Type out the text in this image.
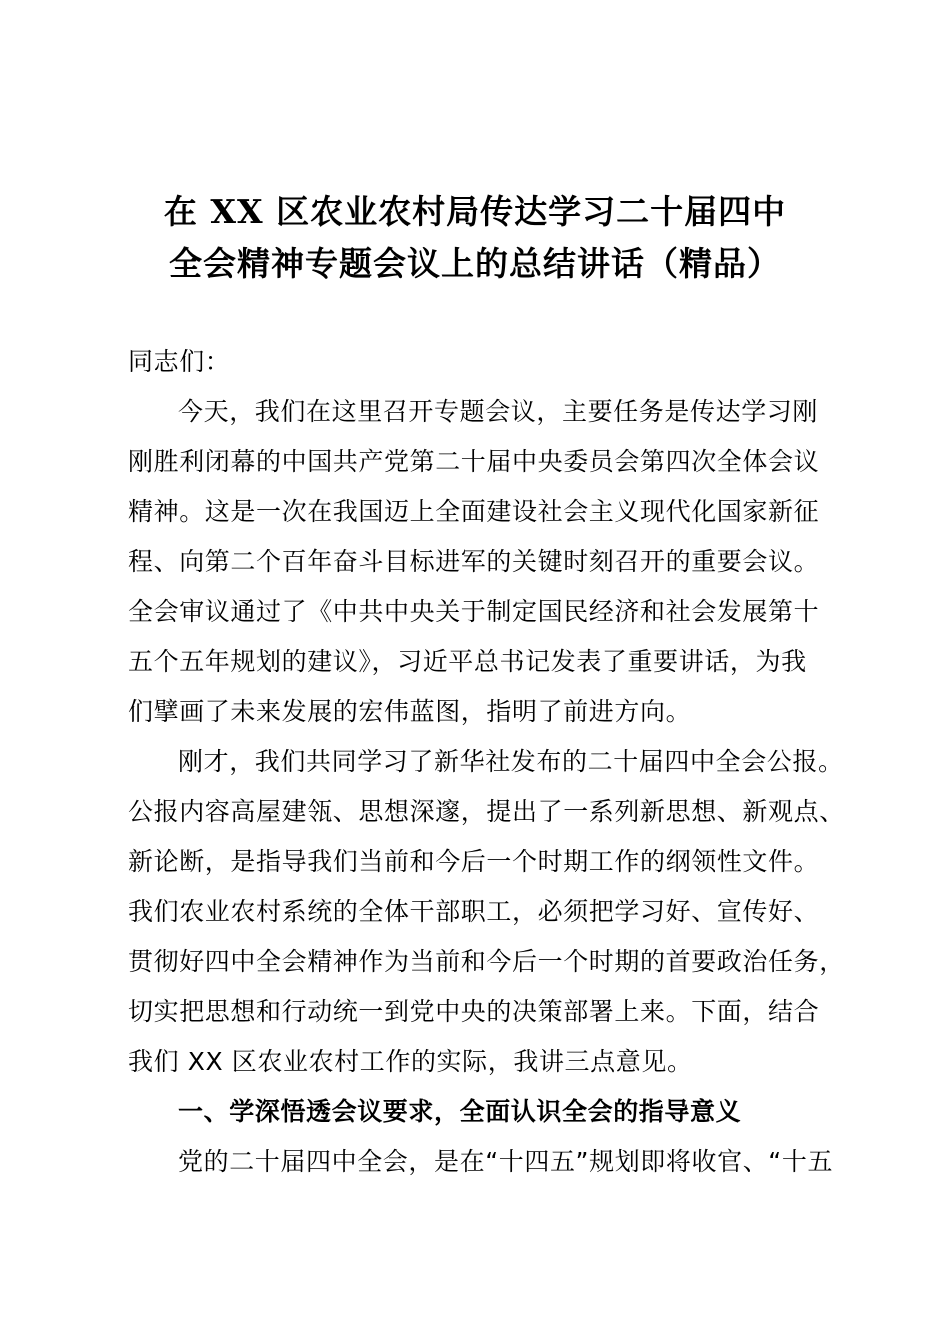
在 XX 区农业农村局传达学习二十届四中
全会精神专题会议上的总结讲话（精品）
同志们：
今天，我们在这里召开专题会议，主要任务是传达学习刚
刚胜利闭幕的中国共产党第二十届中央委员会第四次全体会议
精神。这是一次在我国迈上全面建设社会主义现代化国家新征
程、向第二个百年奋斗目标进军的关键时刻召开的重要会议。
全会审议通过了《中共中央关于制定国民经济和社会发展第十
五个五年规划的建议》，习近平总书记发表了重要讲话，为我
们擘画了未来发展的宏伟蓝图，指明了前进方向。
刚才，我们共同学习了新华社发布的二十届四中全会公报。
公报内容高屋建瓴、思想深邃，提出了一系列新思想、新观点、
新论断，是指导我们当前和今后一个时期工作的纲领性文件。
我们农业农村系统的全体干部职工，必须把学习好、宣传好、
贯彻好四中全会精神作为当前和今后一个时期的首要政治任务，
切实把思想和行动统一到党中央的决策部署上来。下面，结合
我们 XX 区农业农村工作的实际，我讲三点意见。
一、学深悟透会议要求，全面认识全会的指导意义
党的二十届四中全会，是在“十四五”规划即将收官、“十五
